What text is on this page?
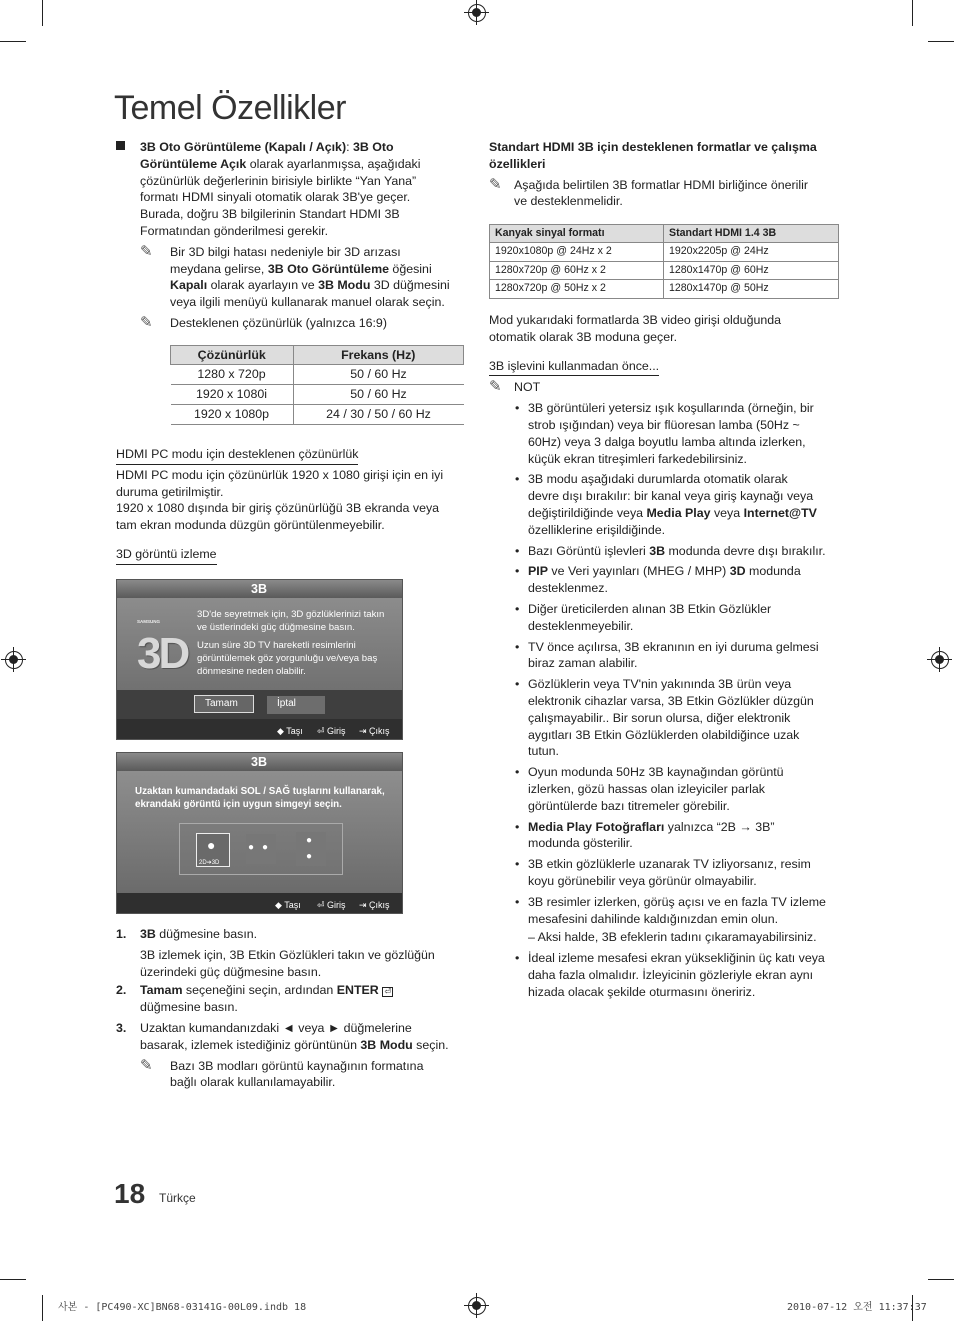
Temel Özellikler
3B Oto Görüntüleme (Kapalı / Açık): 3B Oto
Görüntüleme Açık olarak ayarlanmışsa, aşağıdaki
çözünürlük değerlerinin birisiyle birlikte “Yan Yana”
formatı HDMI sinyali otomatik olarak 3B'ye geçer.
Burada, doğru 3B bilgilerinin Standart HDMI 3B
Formatından gönderilmesi gerekir.
✎ Bir 3D bilgi hatası nedeniyle bir 3D arızası
meydana gelirse, 3B Oto Görüntüleme öğesini
Kapalı olarak ayarlayın ve 3B Modu 3D düğmesini
veya ilgili menüyü kullanarak manuel olarak seçin.
✎ Desteklenen çözünürlük (yalnızca 16:9)
Çözünürlük	Frekans (Hz)
1280 x 720p	50 / 60 Hz
1920 x 1080i	50 / 60 Hz
1920 x 1080p	24 / 30 / 50 / 60 Hz
HDMI PC modu için desteklenen çözünürlük
HDMI PC modu için çözünürlük 1920 x 1080 girişi için en iyi
duruma getirilmiştir.
1920 x 1080 dışında bir giriş çözünürlüğü 3B ekranda veya
tam ekran modunda düzgün görüntülenmeyebilir.
3D görüntü izleme
3B
SAMSUNG
3D
3D'de seyretmek için, 3D gözlüklerinizi takın
ve üstlerindeki güç düğmesine basın.
Uzun süre 3D TV hareketli resimlerini
görüntülemek göz yorgunluğu ve/veya baş
dönmesine neden olabilir.
Tamam	İptal
◆ Taşı ⏎ Giriş ⇥ Çıkış
3B
Uzaktan kumandadaki SOL / SAĞ tuşlarını kullanarak,
ekrandaki görüntü için uygun simgeyi seçin.
●
2D➔3D
● ●
●
●
◆ Taşı ⏎ Giriş ⇥ Çıkış
1. 3B düğmesine basın.
3B izlemek için, 3B Etkin Gözlükleri takın ve gözlüğün
üzerindeki güç düğmesine basın.
2. Tamam seçeneğini seçin, ardından ENTER ⏎
düğmesine basın.
3. Uzaktan kumandanızdaki ◄ veya ► düğmelerine
basarak, izlemek istediğiniz görüntünün 3B Modu seçin.
✎ Bazı 3B modları görüntü kaynağının formatına
bağlı olarak kullanılamayabilir.
Standart HDMI 3B için desteklenen formatlar ve çalışma
özellikleri
✎ Aşağıda belirtilen 3B formatlar HDMI birliğince önerilir
ve desteklenmelidir.
Kanyak sinyal formatı	Standart HDMI 1.4 3B
1920x1080p @ 24Hz x 2	1920x2205p @ 24Hz
1280x720p @ 60Hz x 2	1280x1470p @ 60Hz
1280x720p @ 50Hz x 2	1280x1470p @ 50Hz
Mod yukarıdaki formatlarda 3B video girişi olduğunda
otomatik olarak 3B moduna geçer.
3B işlevini kullanmadan önce...
✎ NOT
• 3B görüntüleri yetersiz ışık koşullarında (örneğin, bir
strob ışığından) veya bir flüoresan lamba (50Hz ~
60Hz) veya 3 dalga boyutlu lamba altında izlerken,
küçük ekran titreşimleri farkedebilirsiniz.
• 3B modu aşağıdaki durumlarda otomatik olarak
devre dışı bırakılır: bir kanal veya giriş kaynağı veya
değiştirildiğinde veya Media Play veya Internet@TV
özelliklerine erişildiğinde.
• Bazı Görüntü işlevleri 3B modunda devre dışı bırakılır.
• PIP ve Veri yayınları (MHEG / MHP) 3D modunda
desteklenmez.
• Diğer üreticilerden alınan 3B Etkin Gözlükler
desteklenmeyebilir.
• TV önce açılırsa, 3B ekranının en iyi duruma gelmesi
biraz zaman alabilir.
• Gözlüklerin veya TV'nin yakınında 3B ürün veya
elektronik cihazlar varsa, 3B Etkin Gözlükler düzgün
çalışmayabilir.. Bir sorun olursa, diğer elektronik
aygıtları 3B Etkin Gözlüklerden olabildiğince uzak
tutun.
• Oyun modunda 50Hz 3B kaynağından görüntü
izlerken, gözü hassas olan izleyiciler parlak
görüntülerde bazı titremeler görebilir.
• Media Play Fotoğrafları yalnızca “2B → 3B”
modunda gösterilir.
• 3B etkin gözlüklerle uzanarak TV izliyorsanız, resim
koyu görünebilir veya görünür olmayabilir.
• 3B resimler izlerken, görüş açısı ve en fazla TV izleme
mesafesini dahilinde kaldığınızdan emin olun.
– Aksi halde, 3B efeklerin tadını çıkaramayabilirsiniz.
• İdeal izleme mesafesi ekran yüksekliğinin üç katı veya
daha fazla olmalıdır. İzleyicinin gözleriyle ekran aynı
hizada olacak şekilde oturmasını öneririz.
18 Türkçe
사본 - [PC490-XC]BN68-03141G-00L09.indb 18	2010-07-12 오전 11:37:37
